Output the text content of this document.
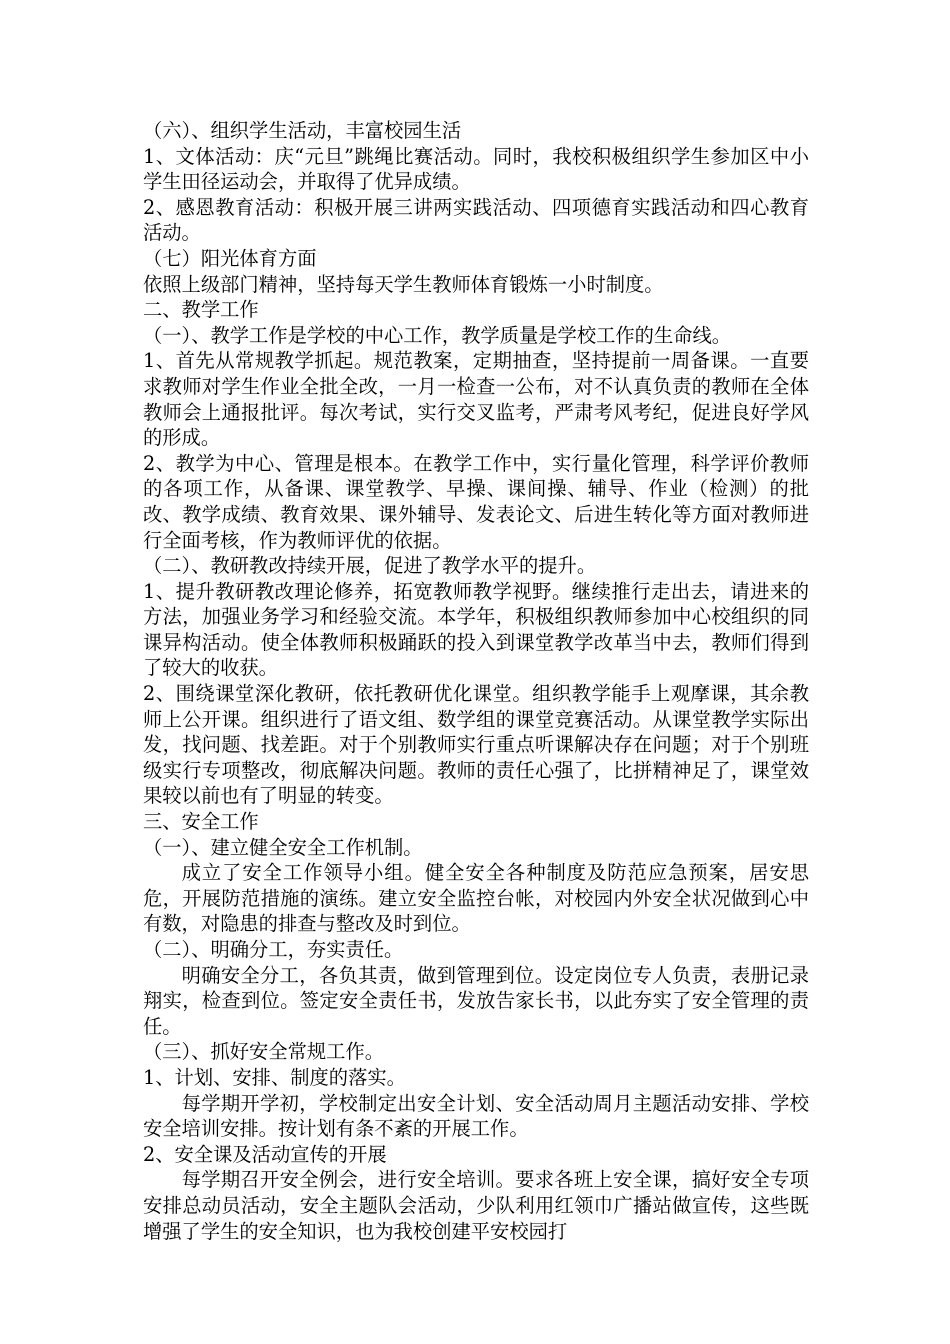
（六）、组织学生活动，丰富校园生活

1、文体活动：庆“元旦”跳绳比赛活动。同时，我校积极组织学生参加区中小学生田径运动会，并取得了优异成绩。

2、感恩教育活动：积极开展三讲两实践活动、四项德育实践活动和四心教育活动。

（七）阳光体育方面

依照上级部门精神，坚持每天学生教师体育锻炼一小时制度。

二、教学工作

（一）、教学工作是学校的中心工作，教学质量是学校工作的生命线。

1、首先从常规教学抓起。规范教案，定期抽查，坚持提前一周备课。一直要求教师对学生作业全批全改，一月一检查一公布，对不认真负责的教师在全体教师会上通报批评。每次考试，实行交叉监考，严肃考风考纪，促进良好学风的形成。

2、教学为中心、管理是根本。在教学工作中，实行量化管理，科学评价教师的各项工作，从备课、课堂教学、早操、课间操、辅导、作业（检测）的批改、教学成绩、教育效果、课外辅导、发表论文、后进生转化等方面对教师进行全面考核，作为教师评优的依据。

（二）、教研教改持续开展，促进了教学水平的提升。

1、提升教研教改理论修养，拓宽教师教学视野。继续推行走出去，请进来的方法，加强业务学习和经验交流。本学年，积极组织教师参加中心校组织的同课异构活动。使全体教师积极踊跃的投入到课堂教学改革当中去，教师们得到了较大的收获。

2、围绕课堂深化教研，依托教研优化课堂。组织教学能手上观摩课，其余教师上公开课。组织进行了语文组、数学组的课堂竞赛活动。从课堂教学实际出发，找问题、找差距。对于个别教师实行重点听课解决存在问题；对于个别班级实行专项整改，彻底解决问题。教师的责任心强了，比拼精神足了，课堂效果较以前也有了明显的转变。

三、安全工作

（一）、建立健全安全工作机制。

成立了安全工作领导小组。健全安全各种制度及防范应急预案，居安思危，开展防范措施的演练。建立安全监控台帐，对校园内外安全状况做到心中有数，对隐患的排查与整改及时到位。

（二）、明确分工，夯实责任。

明确安全分工，各负其责，做到管理到位。设定岗位专人负责，表册记录翔实，检查到位。签定安全责任书，发放告家长书，以此夯实了安全管理的责任。

（三）、抓好安全常规工作。

1、计划、安排、制度的落实。

每学期开学初，学校制定出安全计划、安全活动周月主题活动安排、学校安全培训安排。按计划有条不紊的开展工作。

2、安全课及活动宣传的开展

每学期召开安全例会，进行安全培训。要求各班上安全课，搞好安全专项安排总动员活动，安全主题队会活动，少队利用红领巾广播站做宣传，这些既增强了学生的安全知识，也为我校创建平安校园打
